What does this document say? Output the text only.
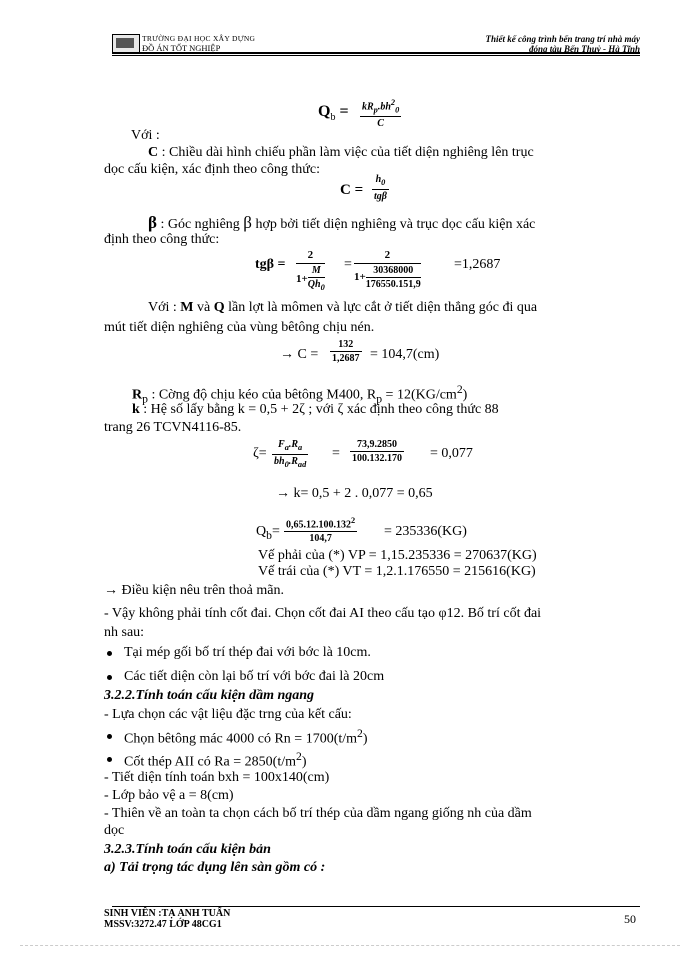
TRƯỜNG ĐẠI HỌC XÂY DỰNG
ĐỒ ÁN TỐT NGHIỆP
Thiết kế công trình bến trang trí nhà máy
đóng tàu Bến Thuỷ - Hà Tĩnh
$Q_b = kR_p.bh^2_0$
C
Với :
C : Chiều dài hình chiếu phần làm việc của tiết diện nghiêng lên trục
dọc cấu kiện, xác định theo công thức:
C =
$h_0$
tgβ
β : Góc nghiêng β hợp bởi tiết diện nghiêng và trục dọc cấu kiện xác
định theo công thức:
tgβ =
2
$1+ \frac{M}{Qh_0}$ =
2
$1+ \frac{30368000}{176550.151,9} =1,2687$
Với : M và Q lần lợt là mômen và lực cắt ở tiết diện thẳng góc đi qua
mút tiết diện nghiêng của vùng bêtông chịu nén.
→ $C = \frac{132}{1,2687} = 104,7(cm)$
$R_p$ : Cờng độ chịu kéo của bêtông M400, $R_p = 12(KG/cm^2)$
k : Hệ số lấy bằng k = 0,5 + 2ζ ; với ζ xác định theo công thức 88
trang 26 TCVN4116-85.
ζ=
$F_a.R_a$
$bh_0.R_{ad}$
= $\frac{73,9.2850}{100.132.170} = 0,077$
→ k= 0,5 + 2 . 0,077 = 0,65
$Q_b= \frac{0,65.12.100.132^2}{104,7} = 235336(KG)$
Vế phải của (*) VP = 1,15.235336 = 270637(KG)
Vế trái của (*) VT = 1,2.1.176550 = 215616(KG)
→ Điều kiện nêu trên thoả mãn.
- Vậy không phải tính cốt đai. Chọn cốt đai AI theo cấu tạo φ12. Bố trí cốt đai
nh sau:
Tại mép gối bố trí thép đai với bớc là 10cm.
Các tiết diện còn lại bố trí với bớc đai là 20cm
3.2.2.Tính toán cấu kiện dầm ngang
- Lựa chọn các vật liệu đặc trng của kết cấu:
Chọn bêtông mác 4000 có $Rn = 1700(t/m^2)$
Cốt thép AII có $Ra = 2850(t/m^2)$
- Tiết diện tính toán bxh = 100x140(cm)
- Lớp bảo vệ a = 8(cm)
- Thiên về an toàn ta chọn cách bố trí thép của dầm ngang giống nh của dầm
dọc
3.2.3.Tính toán cấu kiện bản
a) Tải trọng tác dụng lên sàn gồm có :
SINH VIÊN :TẠ ANH TUẤN
MSSV:3272.47 LỚP 48CG1	50
